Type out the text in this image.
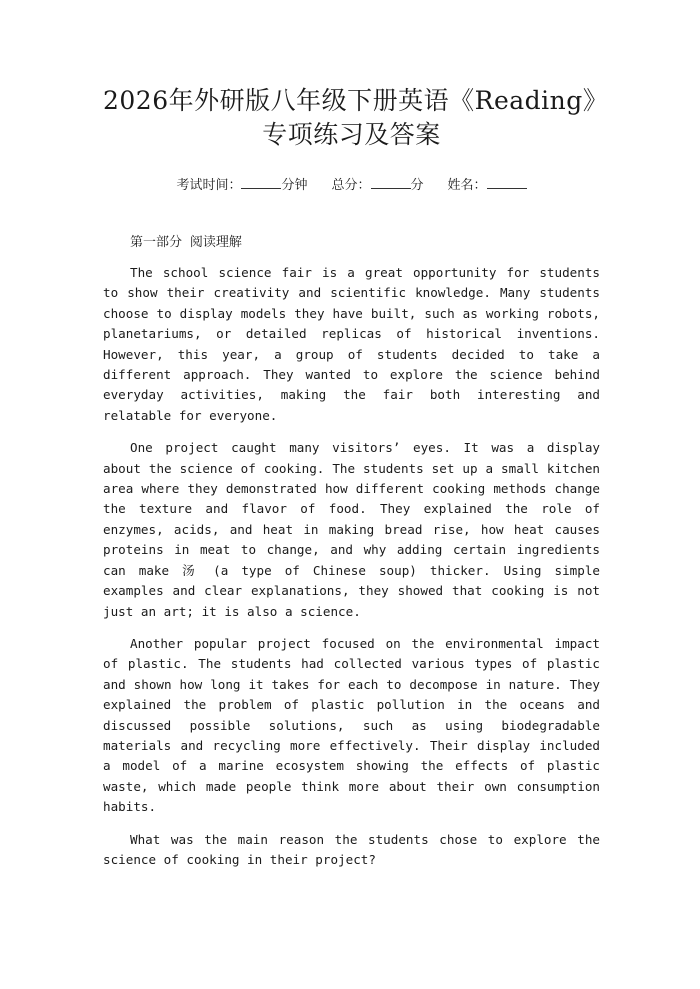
2026年外研版八年级下册英语《Reading》
专项练习及答案
考试时间：	分钟 总分：	分 姓名：
第一部分 阅读理解

The school science fair is a great opportunity for students to show their creativity and scientific knowledge. Many students choose to display models they have built, such as working robots, planetariums, or detailed replicas of historical inventions. However, this year, a group of students decided to take a different approach. They wanted to explore the science behind everyday activities, making the fair both interesting and relatable for everyone.

One project caught many visitors’ eyes. It was a display about the science of cooking. The students set up a small kitchen area where they demonstrated how different cooking methods change the texture and flavor of food. They explained the role of enzymes, acids, and heat in making bread rise, how heat causes proteins in meat to change, and why adding certain ingredients can make 汤 (a type of Chinese soup) thicker. Using simple examples and clear explanations, they showed that cooking is not just an art; it is also a science.

Another popular project focused on the environmental impact of plastic. The students had collected various types of plastic and shown how long it takes for each to decompose in nature. They explained the problem of plastic pollution in the oceans and discussed possible solutions, such as using biodegradable materials and recycling more effectively. Their display included a model of a marine ecosystem showing the effects of plastic waste, which made people think more about their own consumption habits.

What was the main reason the students chose to explore the science of cooking in their project?
